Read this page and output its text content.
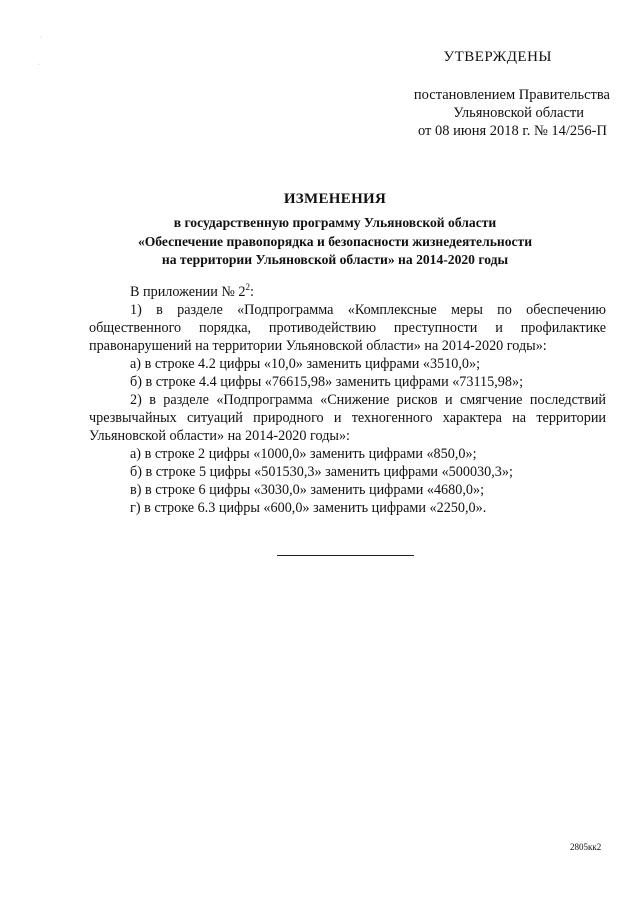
·
·	УТВЕРЖДЕНЫ
постановлением Правительства
Ульяновской области
от 08 июня 2018 г. № 14/256-П
ИЗМЕНЕНИЯ
в государственную программу Ульяновской области
«Обеспечение правопорядка и безопасности жизнедеятельности
на территории Ульяновской области» на 2014-2020 годы
В приложении № $2^2$:
1) в разделе «Подпрограмма «Комплексные меры по обеспечению
общественного порядка, противодействию преступности и профилактике
правонарушений на территории Ульяновской области» на 2014-2020 годы»:
а) в строке 4.2 цифры «10,0» заменить цифрами «3510,0»;
б) в строке 4.4 цифры «76615,98» заменить цифрами «73115,98»;
2) в разделе «Подпрограмма «Снижение рисков и смягчение последствий
чрезвычайных ситуаций природного и техногенного характера на территории
Ульяновской области» на 2014-2020 годы»:
а) в строке 2 цифры «1000,0» заменить цифрами «850,0»;
б) в строке 5 цифры «501530,3» заменить цифрами «500030,3»;
в) в строке 6 цифры «3030,0» заменить цифрами «4680,0»;
г) в строке 6.3 цифры «600,0» заменить цифрами «2250,0».
2805кк2
